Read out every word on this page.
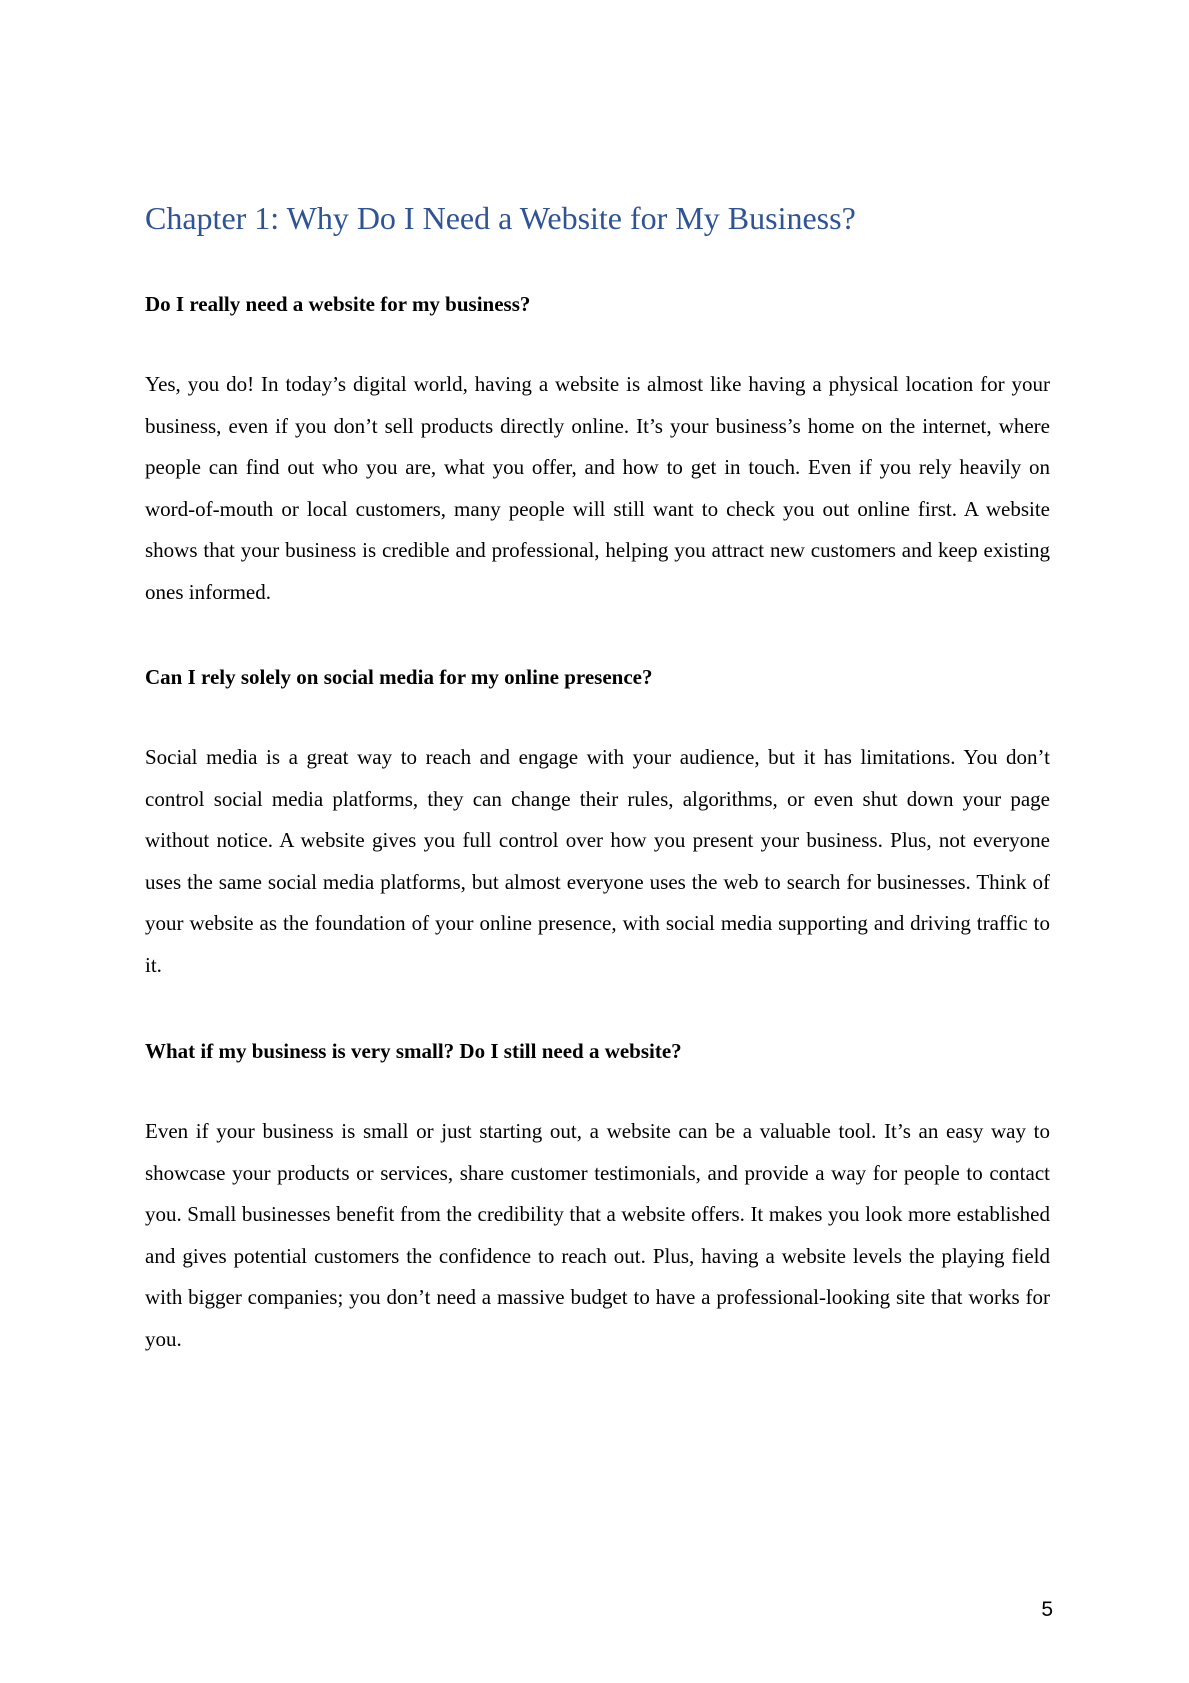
Chapter 1: Why Do I Need a Website for My Business?
Do I really need a website for my business?

Yes, you do! In today’s digital world, having a website is almost like having a physical location for your business, even if you don’t sell products directly online. It’s your business’s home on the internet, where people can find out who you are, what you offer, and how to get in touch. Even if you rely heavily on word-of-mouth or local customers, many people will still want to check you out online first. A website shows that your business is credible and professional, helping you attract new customers and keep existing ones informed.

Can I rely solely on social media for my online presence?

Social media is a great way to reach and engage with your audience, but it has limitations. You don’t control social media platforms, they can change their rules, algorithms, or even shut down your page without notice. A website gives you full control over how you present your business. Plus, not everyone uses the same social media platforms, but almost everyone uses the web to search for businesses. Think of your website as the foundation of your online presence, with social media supporting and driving traffic to it.

What if my business is very small? Do I still need a website?

Even if your business is small or just starting out, a website can be a valuable tool. It’s an easy way to showcase your products or services, share customer testimonials, and provide a way for people to contact you. Small businesses benefit from the credibility that a website offers. It makes you look more established and gives potential customers the confidence to reach out. Plus, having a website levels the playing field with bigger companies; you don’t need a massive budget to have a professional-looking site that works for you.

5
